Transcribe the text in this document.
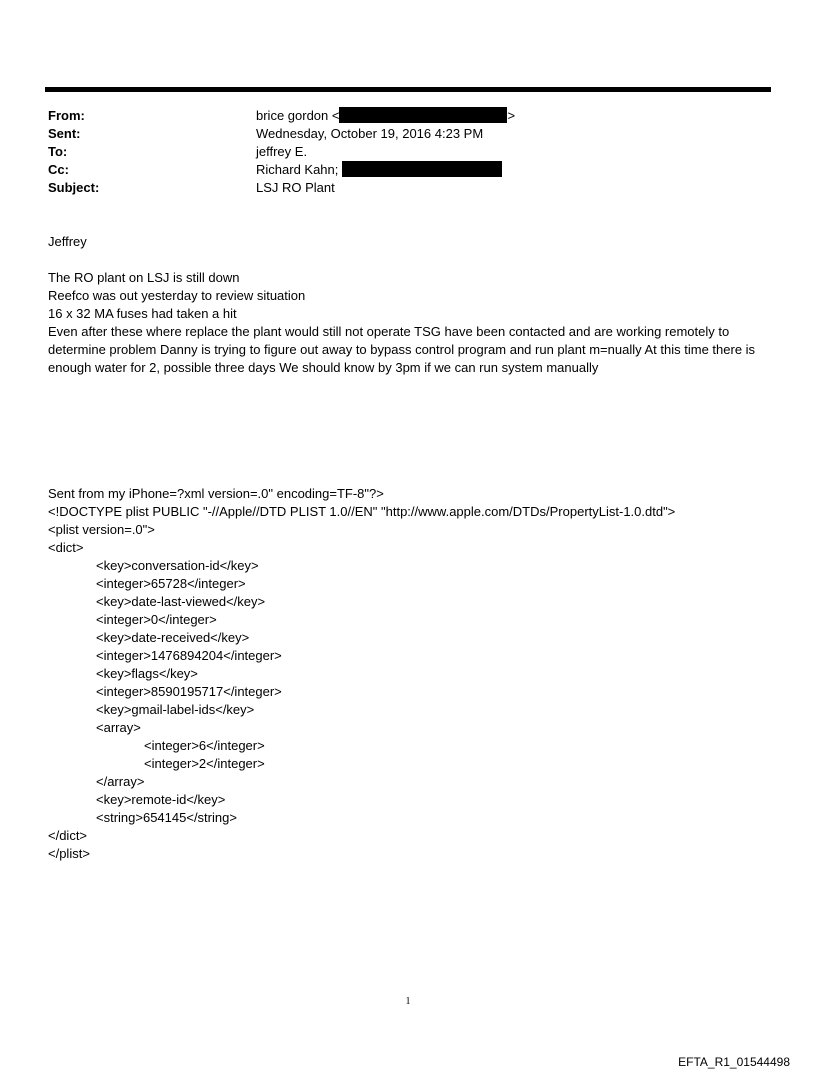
From:	brice gordon <	>
Sent:	Wednesday, October 19, 2016 4:23 PM
To:	jeffrey E.
Cc:	Richard Kahn;
Subject:	LSJ RO Plant
Jeffrey
The RO plant on LSJ is still down
Reefco was out yesterday to review situation
16 x 32 MA fuses had taken a hit
Even after these where replace the plant would still not operate TSG have been contacted and are working remotely to determine problem Danny is trying to figure out away to bypass control program and run plant m=nually At this time there is enough water for 2, possible three days We should know by 3pm if we can run system manually
Sent from my iPhone=?xml version=.0" encoding=TF-8"?>
<!DOCTYPE plist PUBLIC "-//Apple//DTD PLIST 1.0//EN" "http://www.apple.com/DTDs/PropertyList-1.0.dtd">
<plist version=.0">
<dict>
<key>conversation-id</key>
<integer>65728</integer>
<key>date-last-viewed</key>
<integer>0</integer>
<key>date-received</key>
<integer>1476894204</integer>
<key>flags</key>
<integer>8590195717</integer>
<key>gmail-label-ids</key>
<array>
<integer>6</integer>
<integer>2</integer>
</array>
<key>remote-id</key>
<string>654145</string>
</dict>
</plist>
1
EFTA_R1_01544498
